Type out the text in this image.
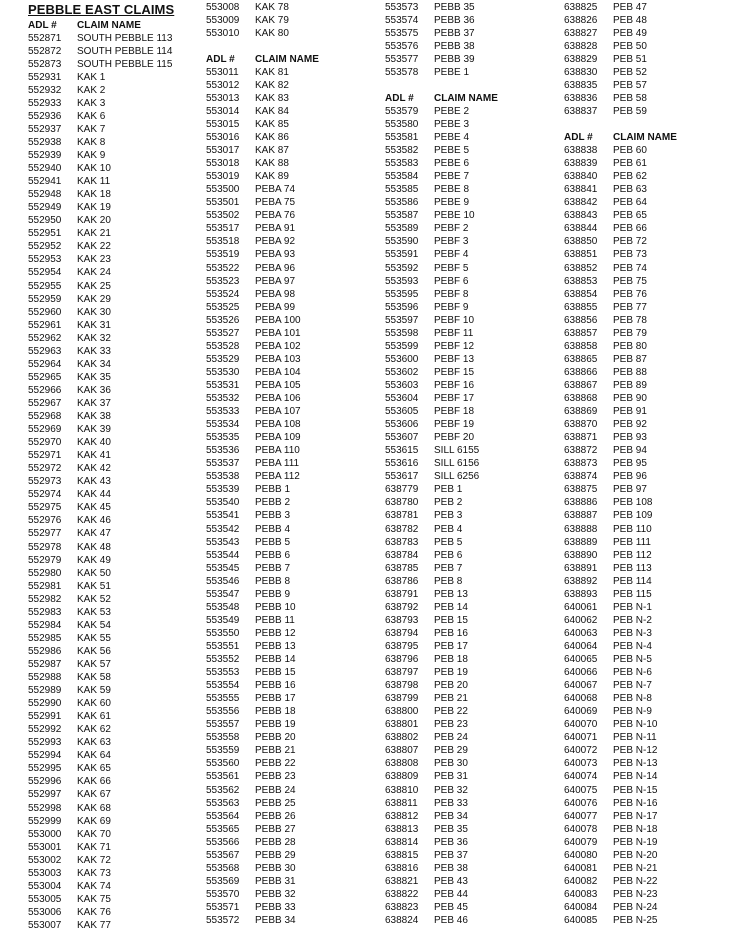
PEBBLE EAST CLAIMS
ADL # CLAIM NAME
552871 SOUTH PEBBLE 113
552872 SOUTH PEBBLE 114
552873 SOUTH PEBBLE 115
552931 KAK 1
552932 KAK 2
552933 KAK 3
552936 KAK 6
552937 KAK 7
552938 KAK 8
552939 KAK 9
552940 KAK 10
552941 KAK 11
552948 KAK 18
552949 KAK 19
552950 KAK 20
552951 KAK 21
552952 KAK 22
552953 KAK 23
552954 KAK 24
552955 KAK 25
552959 KAK 29
552960 KAK 30
552961 KAK 31
552962 KAK 32
552963 KAK 33
552964 KAK 34
552965 KAK 35
552966 KAK 36
552967 KAK 37
552968 KAK 38
552969 KAK 39
552970 KAK 40
552971 KAK 41
552972 KAK 42
552973 KAK 43
552974 KAK 44
552975 KAK 45
552976 KAK 46
552977 KAK 47
552978 KAK 48
552979 KAK 49
552980 KAK 50
552981 KAK 51
552982 KAK 52
552983 KAK 53
552984 KAK 54
552985 KAK 55
552986 KAK 56
552987 KAK 57
552988 KAK 58
552989 KAK 59
552990 KAK 60
552991 KAK 61
552992 KAK 62
552993 KAK 63
552994 KAK 64
552995 KAK 65
552996 KAK 66
552997 KAK 67
552998 KAK 68
552999 KAK 69
553000 KAK 70
553001 KAK 71
553002 KAK 72
553003 KAK 73
553004 KAK 74
553005 KAK 75
553006 KAK 76
553007 KAK 77
553008 KAK 78
553009 KAK 79
553010 KAK 80
ADL # CLAIM NAME
553011 KAK 81
553012 KAK 82
553013 KAK 83
553014 KAK 84
553015 KAK 85
553016 KAK 86
553017 KAK 87
553018 KAK 88
553019 KAK 89
553500 PEBA 74
553501 PEBA 75
553502 PEBA 76
553517 PEBA 91
553518 PEBA 92
553519 PEBA 93
553522 PEBA 96
553523 PEBA 97
553524 PEBA 98
553525 PEBA 99
553526 PEBA 100
553527 PEBA 101
553528 PEBA 102
553529 PEBA 103
553530 PEBA 104
553531 PEBA 105
553532 PEBA 106
553533 PEBA 107
553534 PEBA 108
553535 PEBA 109
553536 PEBA 110
553537 PEBA 111
553538 PEBA 112
553539 PEBB 1
553540 PEBB 2
553541 PEBB 3
553542 PEBB 4
553543 PEBB 5
553544 PEBB 6
553545 PEBB 7
553546 PEBB 8
553547 PEBB 9
553548 PEBB 10
553549 PEBB 11
553550 PEBB 12
553551 PEBB 13
553552 PEBB 14
553553 PEBB 15
553554 PEBB 16
553555 PEBB 17
553556 PEBB 18
553557 PEBB 19
553558 PEBB 20
553559 PEBB 21
553560 PEBB 22
553561 PEBB 23
553562 PEBB 24
553563 PEBB 25
553564 PEBB 26
553565 PEBB 27
553566 PEBB 28
553567 PEBB 29
553568 PEBB 30
553569 PEBB 31
553570 PEBB 32
553571 PEBB 33
553572 PEBB 34
553573 PEBB 35
553574 PEBB 36
553575 PEBB 37
553576 PEBB 38
553577 PEBB 39
553578 PEBE 1
ADL # CLAIM NAME
553579 PEBE 2
553580 PEBE 3
553581 PEBE 4
553582 PEBE 5
553583 PEBE 6
553584 PEBE 7
553585 PEBE 8
553586 PEBE 9
553587 PEBE 10
553589 PEBF 2
553590 PEBF 3
553591 PEBF 4
553592 PEBF 5
553593 PEBF 6
553595 PEBF 8
553596 PEBF 9
553597 PEBF 10
553598 PEBF 11
553599 PEBF 12
553600 PEBF 13
553602 PEBF 15
553603 PEBF 16
553604 PEBF 17
553605 PEBF 18
553606 PEBF 19
553607 PEBF 20
553615 SILL 6155
553616 SILL 6156
553617 SILL 6256
638779 PEB 1
638780 PEB 2
638781 PEB 3
638782 PEB 4
638783 PEB 5
638784 PEB 6
638785 PEB 7
638786 PEB 8
638791 PEB 13
638792 PEB 14
638793 PEB 15
638794 PEB 16
638795 PEB 17
638796 PEB 18
638797 PEB 19
638798 PEB 20
638799 PEB 21
638800 PEB 22
638801 PEB 23
638802 PEB 24
638807 PEB 29
638808 PEB 30
638809 PEB 31
638810 PEB 32
638811 PEB 33
638812 PEB 34
638813 PEB 35
638814 PEB 36
638815 PEB 37
638816 PEB 38
638821 PEB 43
638822 PEB 44
638823 PEB 45
638824 PEB 46
638825 PEB 47
638826 PEB 48
638827 PEB 49
638828 PEB 50
638829 PEB 51
638830 PEB 52
638835 PEB 57
638836 PEB 58
638837 PEB 59
ADL # CLAIM NAME
638838 PEB 60
638839 PEB 61
638840 PEB 62
638841 PEB 63
638842 PEB 64
638843 PEB 65
638844 PEB 66
638850 PEB 72
638851 PEB 73
638852 PEB 74
638853 PEB 75
638854 PEB 76
638855 PEB 77
638856 PEB 78
638857 PEB 79
638858 PEB 80
638865 PEB 87
638866 PEB 88
638867 PEB 89
638868 PEB 90
638869 PEB 91
638870 PEB 92
638871 PEB 93
638872 PEB 94
638873 PEB 95
638874 PEB 96
638875 PEB 97
638886 PEB 108
638887 PEB 109
638888 PEB 110
638889 PEB 111
638890 PEB 112
638891 PEB 113
638892 PEB 114
638893 PEB 115
640061 PEB N-1
640062 PEB N-2
640063 PEB N-3
640064 PEB N-4
640065 PEB N-5
640066 PEB N-6
640067 PEB N-7
640068 PEB N-8
640069 PEB N-9
640070 PEB N-10
640071 PEB N-11
640072 PEB N-12
640073 PEB N-13
640074 PEB N-14
640075 PEB N-15
640076 PEB N-16
640077 PEB N-17
640078 PEB N-18
640079 PEB N-19
640080 PEB N-20
640081 PEB N-21
640082 PEB N-22
640083 PEB N-23
640084 PEB N-24
640085 PEB N-25
